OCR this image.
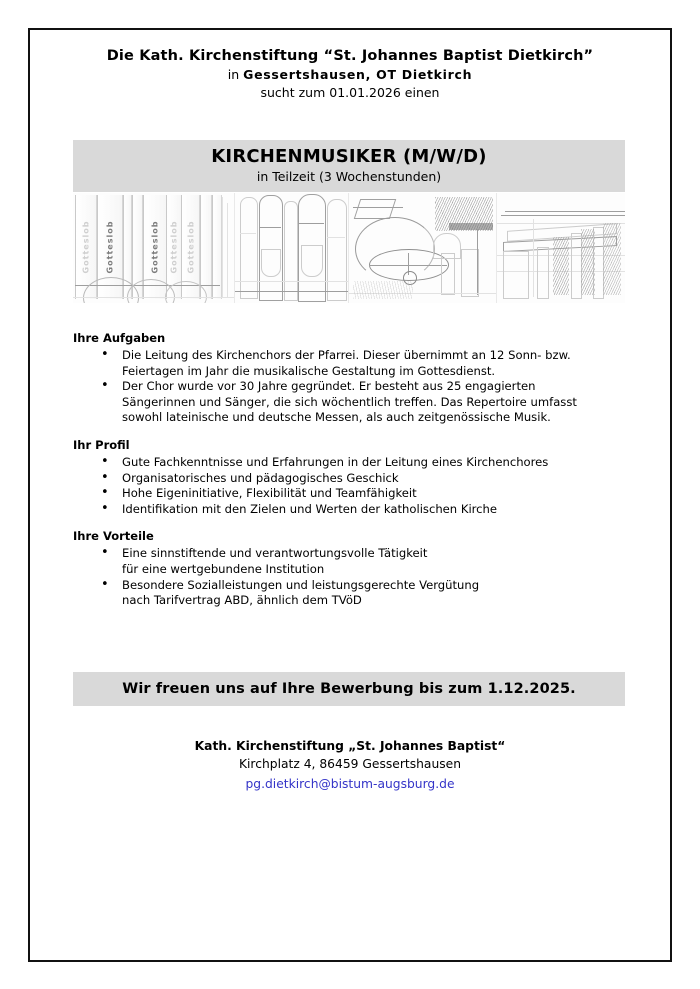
Die Kath. Kirchenstiftung “St. Johannes Baptist Dietkirch”
in Gessertshausen, OT Dietkirch
sucht zum 01.01.2026 einen
KIRCHENMUSIKER (M/W/D)
in Teilzeit (3 Wochenstunden)
Gotteslob Gotteslob	Gotteslob Gotteslob Gotteslob
Ihre Aufgaben
• Die Leitung des Kirchenchors der Pfarrei. Dieser übernimmt an 12 Sonn- bzw.
Feiertagen im Jahr die musikalische Gestaltung im Gottesdienst.
• Der Chor wurde vor 30 Jahre gegründet. Er besteht aus 25 engagierten
Sängerinnen und Sänger, die sich wöchentlich treffen. Das Repertoire umfasst
sowohl lateinische und deutsche Messen, als auch zeitgenössische Musik.
Ihr Profil
• Gute Fachkenntnisse und Erfahrungen in der Leitung eines Kirchenchores
• Organisatorisches und pädagogisches Geschick
• Hohe Eigeninitiative, Flexibilität und Teamfähigkeit
• Identifikation mit den Zielen und Werten der katholischen Kirche
Ihre Vorteile
• Eine sinnstiftende und verantwortungsvolle Tätigkeit
für eine wertgebundene Institution
• Besondere Sozialleistungen und leistungsgerechte Vergütung
nach Tarifvertrag ABD, ähnlich dem TVöD
Wir freuen uns auf Ihre Bewerbung bis zum 1.12.2025.
Kath. Kirchenstiftung „St. Johannes Baptist“
Kirchplatz 4, 86459 Gessertshausen
pg.dietkirch@bistum-augsburg.de
